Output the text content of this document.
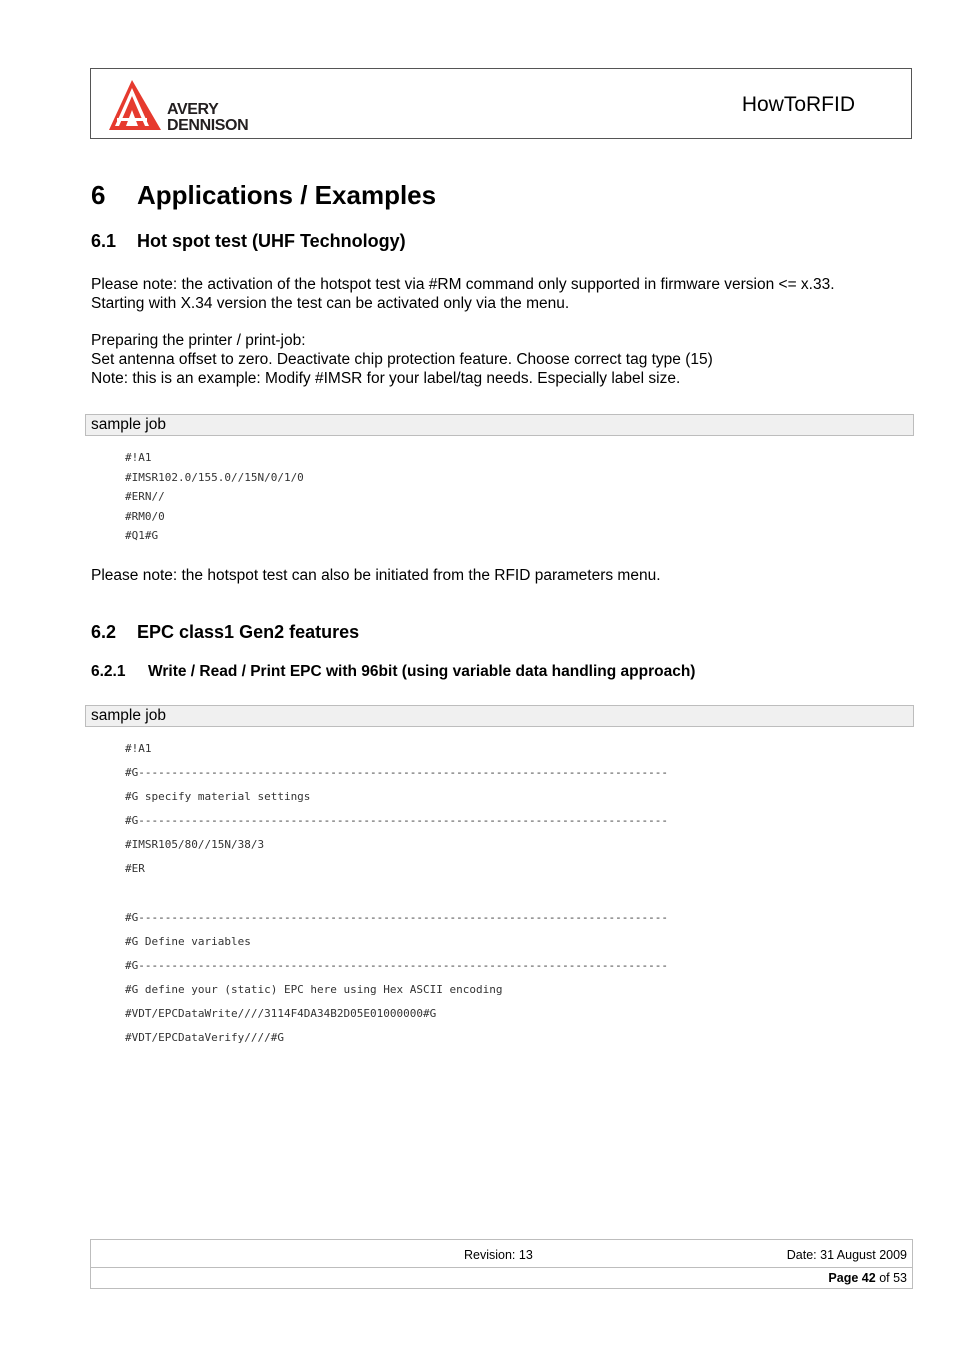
AVERY
DENNISON
HowToRFID
6 Applications / Examples
6.1 Hot spot test (UHF Technology)

Please note: the activation of the hotspot test via #RM command only supported in firmware version <= x.33.
Starting with X.34 version the test can be activated only via the menu.

Preparing the printer / print-job:
Set antenna offset to zero. Deactivate chip protection feature. Choose correct tag type (15)
Note: this is an example: Modify #IMSR for your label/tag needs. Especially label size.

sample job
#!A1
#IMSR102.0/155.0//15N/0/1/0
#ERN//
#RM0/0
#Q1#G

Please note: the hotspot test can also be initiated from the RFID parameters menu.

6.2 EPC class1 Gen2 features
6.2.1 Write / Read / Print EPC with 96bit (using variable data handling approach)
sample job
#!A1
#G--------------------------------------------------------------------------------
#G specify material settings
#G--------------------------------------------------------------------------------
#IMSR105/80//15N/38/3
#ER
#G--------------------------------------------------------------------------------
#G Define variables
#G--------------------------------------------------------------------------------
#G define your (static) EPC here using Hex ASCII encoding
#VDT/EPCDataWrite////3114F4DA34B2D05E01000000#G
#VDT/EPCDataVerify////#G
Revision: 13	Date: 31 August 2009
Page 42 of 53
